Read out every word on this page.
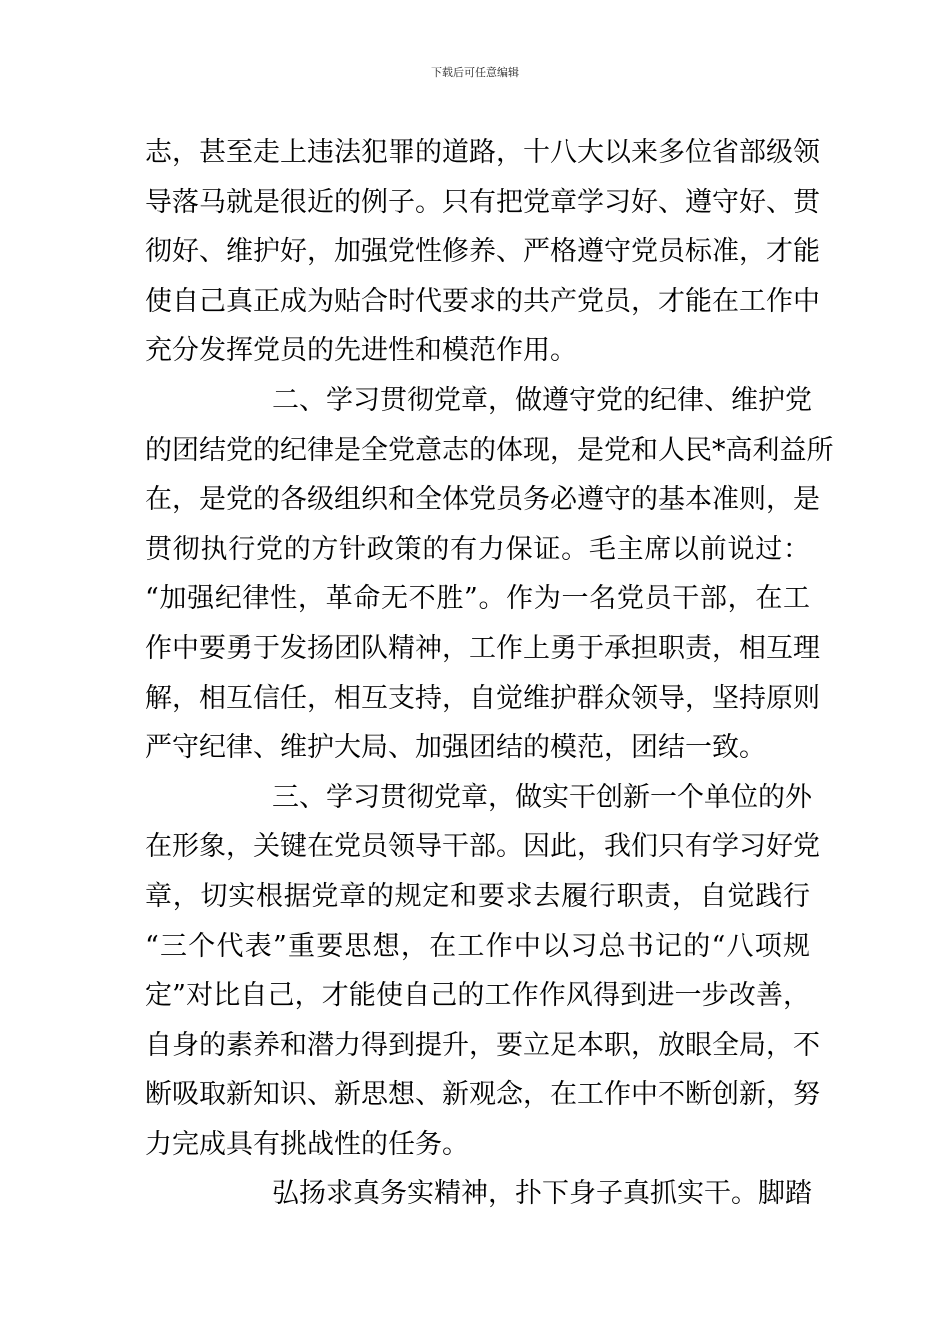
下载后可任意编辑
志，甚至走上违法犯罪的道路，十八大以来多位省部级领
导落马就是很近的例子。只有把党章学习好、遵守好、贯
彻好、维护好，加强党性修养、严格遵守党员标准，才能
使自己真正成为贴合时代要求的共产党员，才能在工作中
充分发挥党员的先进性和模范作用。
二、学习贯彻党章，做遵守党的纪律、维护党
的团结党的纪律是全党意志的体现，是党和人民*高利益所
在，是党的各级组织和全体党员务必遵守的基本准则，是
贯彻执行党的方针政策的有力保证。毛主席以前说过：
“加强纪律性，革命无不胜”。作为一名党员干部，在工
作中要勇于发扬团队精神，工作上勇于承担职责，相互理
解，相互信任，相互支持，自觉维护群众领导，坚持原则
严守纪律、维护大局、加强团结的模范，团结一致。
三、学习贯彻党章，做实干创新一个单位的外
在形象，关键在党员领导干部。因此，我们只有学习好党
章，切实根据党章的规定和要求去履行职责，自觉践行
“三个代表”重要思想，在工作中以习总书记的“八项规
定”对比自己，才能使自己的工作作风得到进一步改善，
自身的素养和潜力得到提升，要立足本职，放眼全局，不
断吸取新知识、新思想、新观念，在工作中不断创新，努
力完成具有挑战性的任务。
弘扬求真务实精神，扑下身子真抓实干。脚踏
